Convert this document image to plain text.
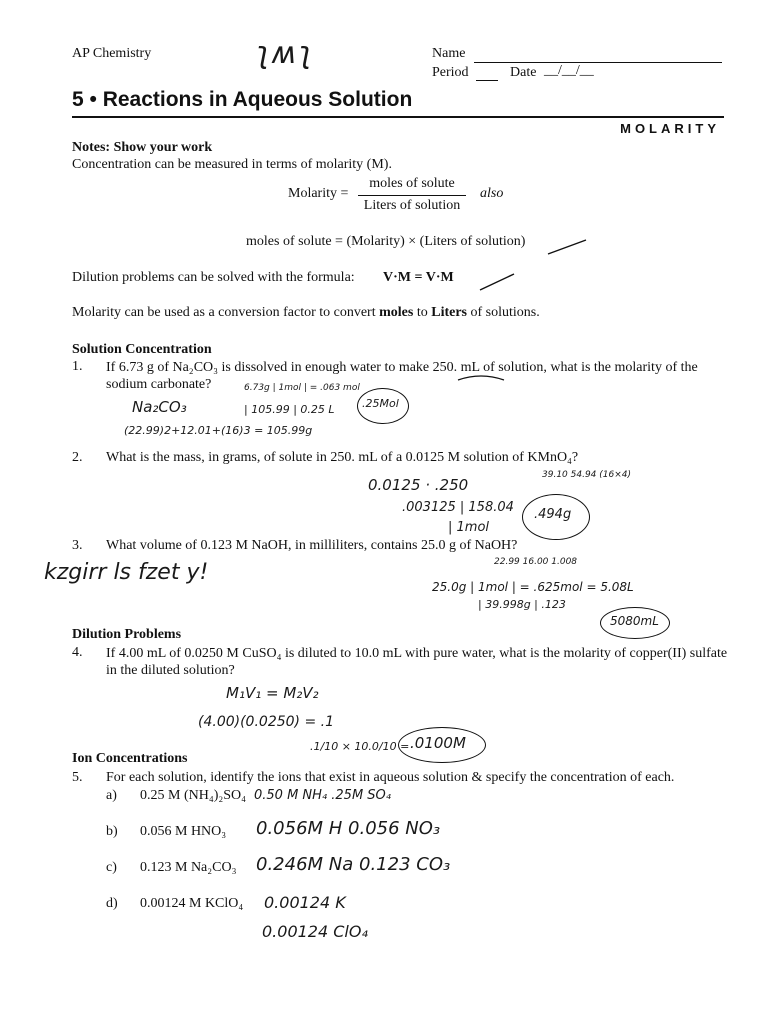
AP Chemistry	ʅʍʅ	Name
Period	Date __/__/__
5 • Reactions in Aqueous Solution
MOLARITY
Notes: Show your work
Concentration can be measured in terms of molarity (M).
Molarity =
moles of solute
Liters of solution
also
moles of solute = (Molarity) × (Liters of solution)
Dilution problems can be solved with the formula: V·M = V·M
Molarity can be used as a conversion factor to convert moles to Liters of solutions.
Solution Concentration
1. If 6.73 g of Na₂CO₃ is dissolved in enough water to make 250. mL of solution, what is the molarity of the sodium carbonate?	6.73g | 1mol | = .063 mol
| 105.99 | 0.25 L .25Mol
Na₂CO₃
(22.99)2+12.01+(16)3 = 105.99g
2. What is the mass, in grams, of solute in 250. mL of a 0.0125 M solution of KMnO₄?
39.10 54.94 (16×4)
0.0125 · .250
.003125 | 158.04
| 1mol
.494g
3. What volume of 0.123 M NaOH, in milliliters, contains 25.0 g of NaOH?
kzgirr ls fzet y!	22.99 16.00 1.008
25.0g | 1mol | = .625mol = 5.08L
| 39.998g | .123
5080mL
Dilution Problems
4. If 4.00 mL of 0.0250 M CuSO₄ is diluted to 10.0 mL with pure water, what is the molarity of copper(II) sulfate in the diluted solution?
M₁V₁ = M₂V₂
(4.00)(0.0250) = .1
.1/10 × 10.0/10 = .0100M
Ion Concentrations
5. For each solution, identify the ions that exist in aqueous solution & specify the concentration of each.
a) 0.25 M (NH₄)₂SO₄ 0.50 M NH₄ .25M SO₄
b) 0.056 M HNO₃ 0.056M H 0.056 NO₃
c) 0.123 M Na₂CO₃ 0.246M Na 0.123 CO₃
d) 0.00124 M KClO₄ 0.00124 K
0.00124 ClO₄
